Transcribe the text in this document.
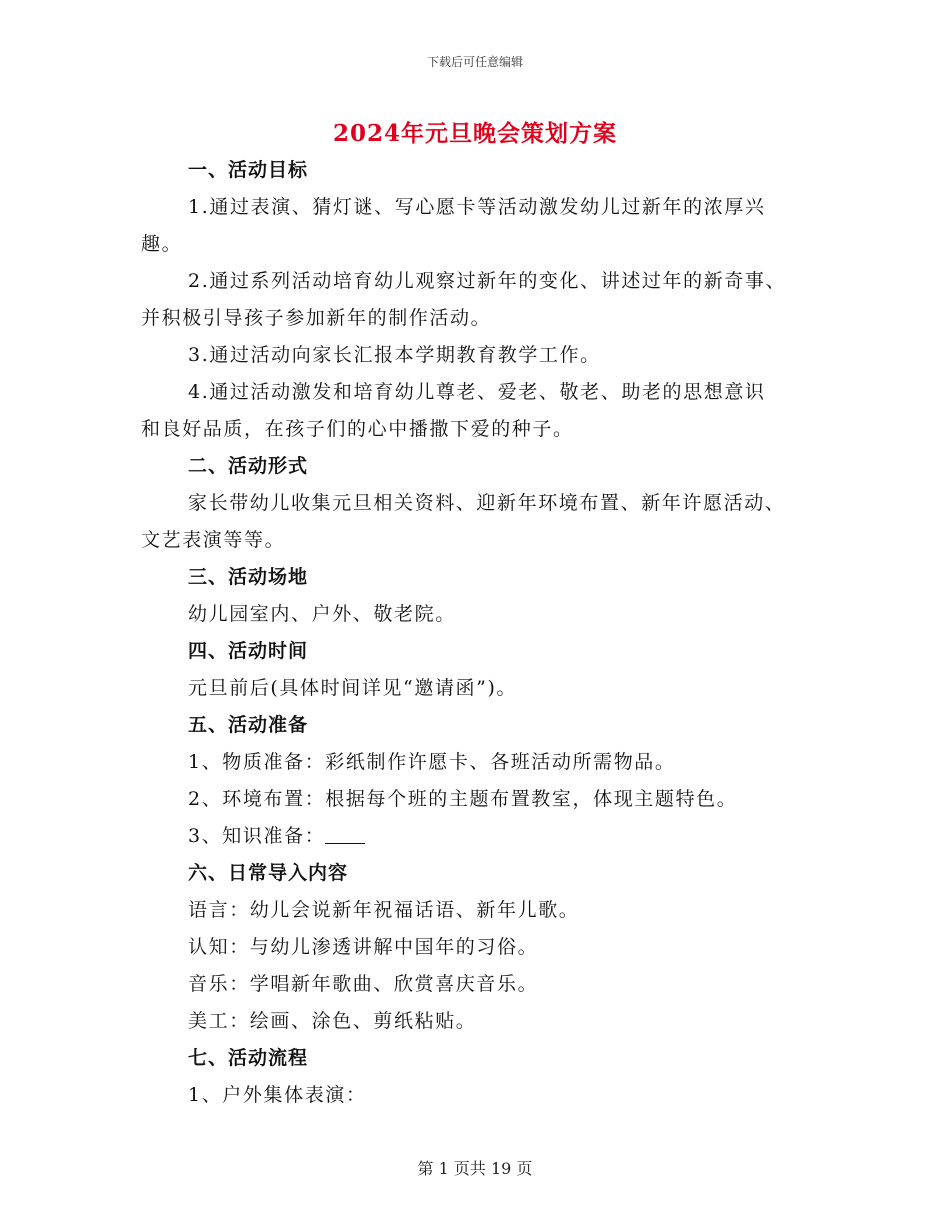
下载后可任意编辑
2024年元旦晚会策划方案
一、活动目标
1.通过表演、猜灯谜、写心愿卡等活动激发幼儿过新年的浓厚兴
趣。
2.通过系列活动培育幼儿观察过新年的变化、讲述过年的新奇事、
并积极引导孩子参加新年的制作活动。
3.通过活动向家长汇报本学期教育教学工作。
4.通过活动激发和培育幼儿尊老、爱老、敬老、助老的思想意识
和良好品质，在孩子们的心中播撒下爱的种子。
二、活动形式
家长带幼儿收集元旦相关资料、迎新年环境布置、新年许愿活动、
文艺表演等等。
三、活动场地
幼儿园室内、户外、敬老院。
四、活动时间
元旦前后(具体时间详见“邀请函”)。
五、活动准备
1、物质准备：彩纸制作许愿卡、各班活动所需物品。
2、环境布置：根据每个班的主题布置教室，体现主题特色。
3、知识准备：
六、日常导入内容
语言：幼儿会说新年祝福话语、新年儿歌。
认知：与幼儿渗透讲解中国年的习俗。
音乐：学唱新年歌曲、欣赏喜庆音乐。
美工：绘画、涂色、剪纸粘贴。
七、活动流程
1、户外集体表演：
第 1 页共 19 页
